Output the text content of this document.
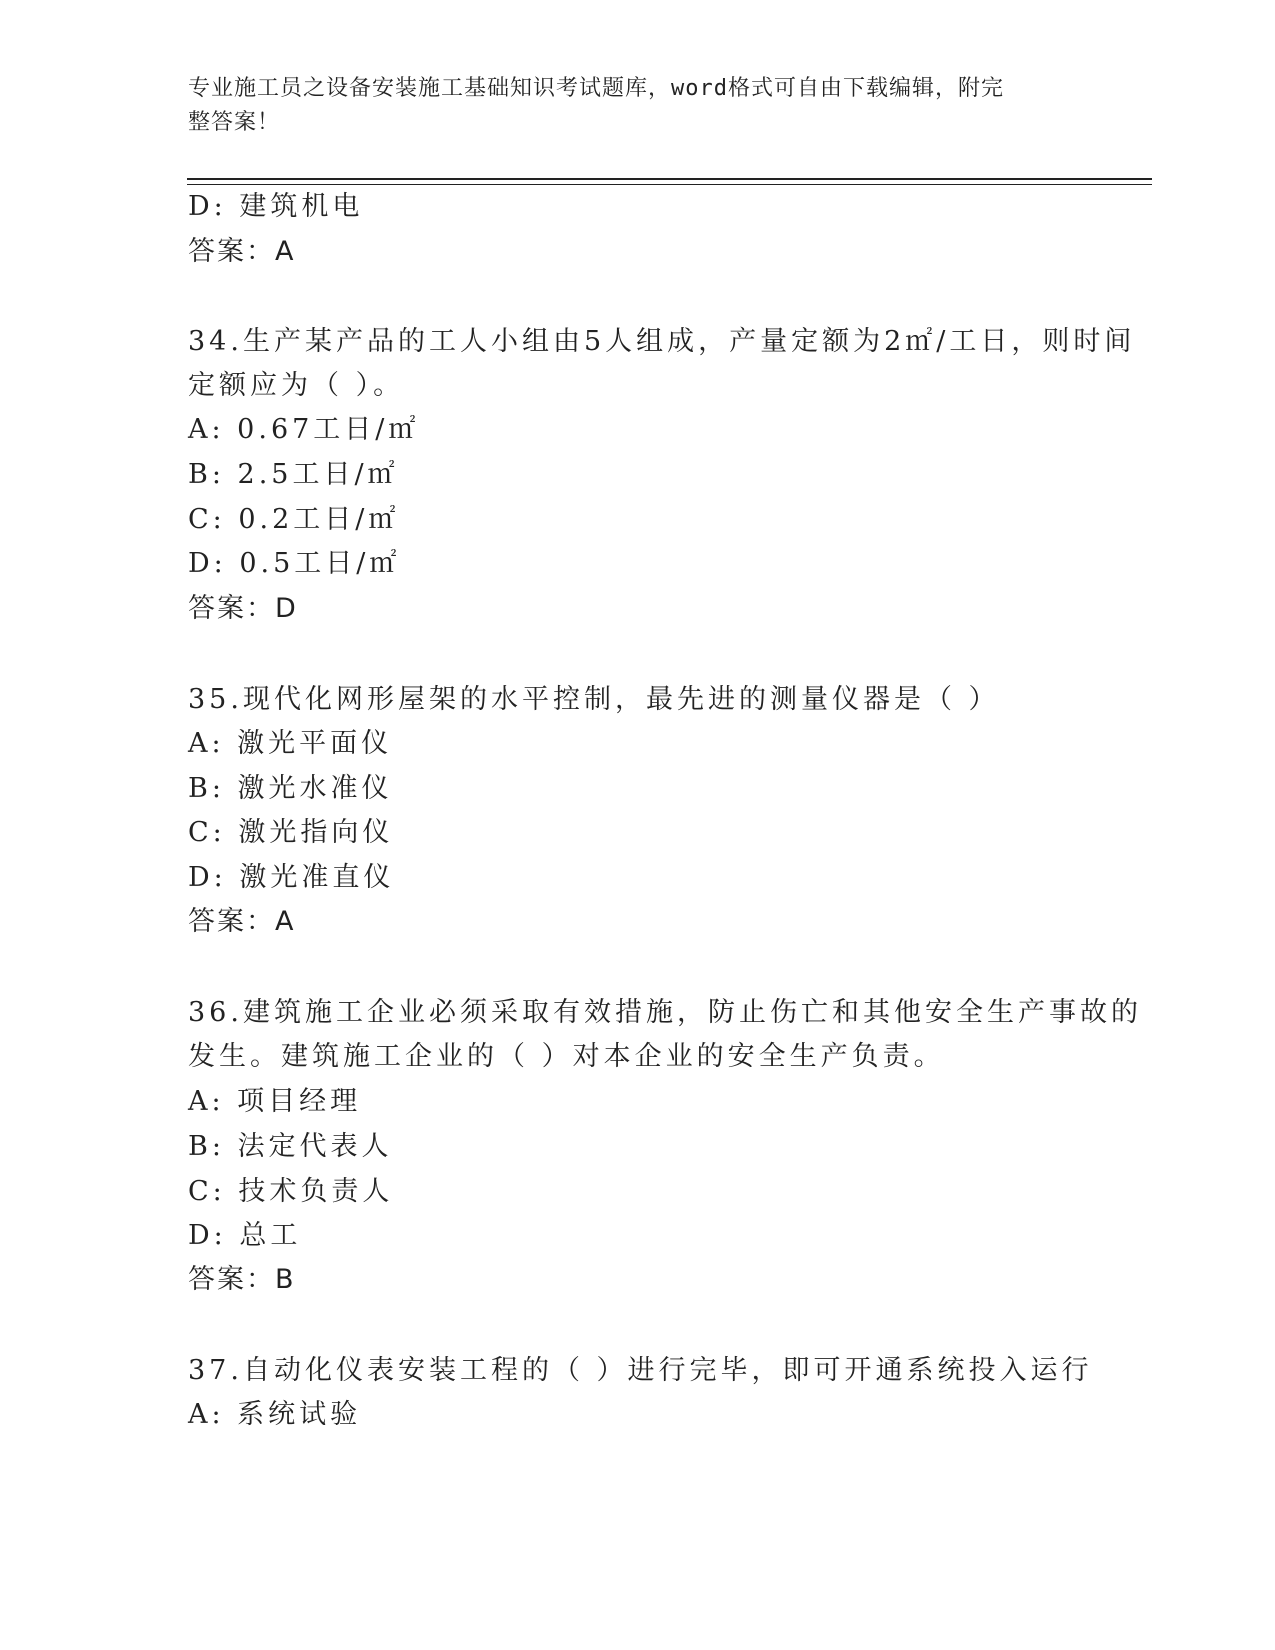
专业施工员之设备安装施工基础知识考试题库，word格式可自由下载编辑，附完
整答案！
D: 建筑机电
答案：A
34.生产某产品的工人小组由5人组成，产量定额为2㎡/工日，则时间
定额应为（ ）。
A: 0.67工日/㎡
B: 2.5工日/㎡
C: 0.2工日/㎡
D: 0.5工日/㎡
答案：D
35.现代化网形屋架的水平控制，最先进的测量仪器是（ ）
A: 激光平面仪
B: 激光水准仪
C: 激光指向仪
D: 激光准直仪
答案：A
36.建筑施工企业必须采取有效措施，防止伤亡和其他安全生产事故的
发生。建筑施工企业的（ ）对本企业的安全生产负责。
A: 项目经理
B: 法定代表人
C: 技术负责人
D: 总工
答案：B
37.自动化仪表安装工程的（ ）进行完毕，即可开通系统投入运行
A: 系统试验
